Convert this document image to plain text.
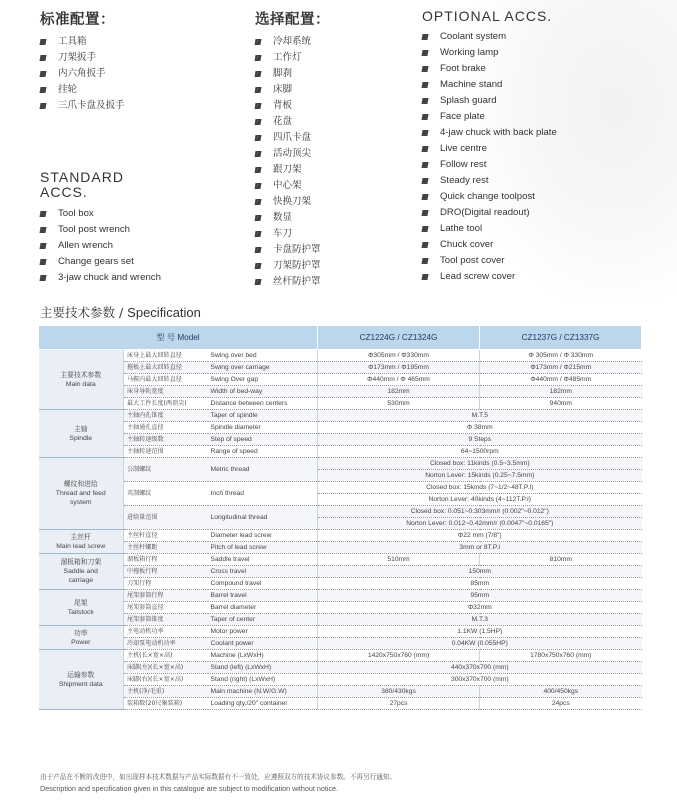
标准配置：
工具箱
刀架扳手
内六角扳手
挂轮
三爪卡盘及扳手
STANDARD
ACCS.
Tool box
Tool post wrench
Allen wrench
Change gears set
3-jaw chuck and wrench
选择配置：
冷却系统
工作灯
脚刹
床脚
背板
花盘
四爪卡盘
活动顶尖
跟刀架
中心架
快换刀架
数显
车刀
卡盘防护罩
刀架防护罩
丝杆防护罩
OPTIONAL ACCS.
Coolant system
Working lamp
Foot brake
Machine stand
Splash guard
Face plate
4-jaw chuck with back plate
Live centre
Follow rest
Steady rest
Quick change toolpost
DRO(Digital readout)
Lathe tool
Chuck cover
Tool post cover
Lead screw cover
主要技术参数 / Specification
型 号 Model			CZ1224G / CZ1324G	CZ1237G / CZ1337G
主要技术参数
Main data	床身上最大回转直径	Swing over bed	Φ305mm / Φ330mm	Φ 305mm / Φ 330mm
	拖板上最大回转直径	Swing over carriage	Φ173mm / Φ195mm	Φ173mm / Φ215mm
	马鞍内最大回转直径	Swing Over gap	Φ440mm / Φ 465mm	Φ440mm / Φ485mm
	床身导轨宽度	Width of bed-way	182mm	182mm
	最大工件长度(两顶尖)	Distance between centers	530mm	940mm
主轴
Spindle	主轴内孔锥度	Taper of spindle	M.T.5	
	主轴通孔直径	Spindle diameter	Φ 38mm	
	主轴转速级数	Step of speed	9 Steps	
	主轴转速范围	Range of speed	64~1500rpm	
螺纹和进给
Thread and feed
system	公制螺纹	Metric thread	Closed box: 11kinds (0.5~3.5mm)	
			Norton Lever: 15kinds (0.25~7.5mm)	
	英制螺纹	Inch thread	Closed box: 15kinds (7~1/2~48T.P.I)	
			Norton Lever: 40kinds (4~112T.P.I)	
	进给量范围	Longitudinal thread	Closed box: 0.051~0.303mm/r (0.002"~0.012")	
			Norton Lever: 0.012~0.42mm/r (0.0047"~0.0165")	
主丝杆
Main lead screw	主丝杆直径	Diameter lead screw	Φ22 mm (7/8")	
	主丝杆螺距	Pitch of lead screw	3mm or 8T.P.I	
溜板箱和刀架
Saddle and
carriage	溜板箱行程	Saddle travel	510mm	810mm
	中拖板行程	Cross travel	150mm	
	刀架行程	Compound travel	85mm	
尾架
Tailstock	尾架套筒行程	Barrel travel	95mm	
	尾架套筒直径	Barrel diameter	Φ32mm	
	尾架套筒锥度	Taper of center	M.T.3	
功率
Power	主电动机功率	Motor power	1.1KW (1.5HP)	
	冷却泵电动机功率	Coolant power	0.04KW (0.055HP)	
运输参数
Shipment data	主机(长×宽×高)	Machine (LxWxH)	1420x750x760 (mm)	1780x750x760 (mm)
	床脚(左)(长×宽×高)	Stand (left) (LxWxH)	440x370x700 (mm)	
	床脚(右)(长×宽×高)	Stand (right) (LxWxH)	300x370x700 (mm)	
	主机(净/毛重)	Main machine (N.W/G.W)	380/430kgs	400/450kgs
	装箱数(20尺集装箱)	Loading qty./20" container	27pcs	24pcs
由于产品在不断的改进中，如出现样本技术数据与产品实际数据有不一致处，应遵照双方的技术协议参数。不再另行通知。
Description and specification given in this catalogue are subject to modification without notice.
